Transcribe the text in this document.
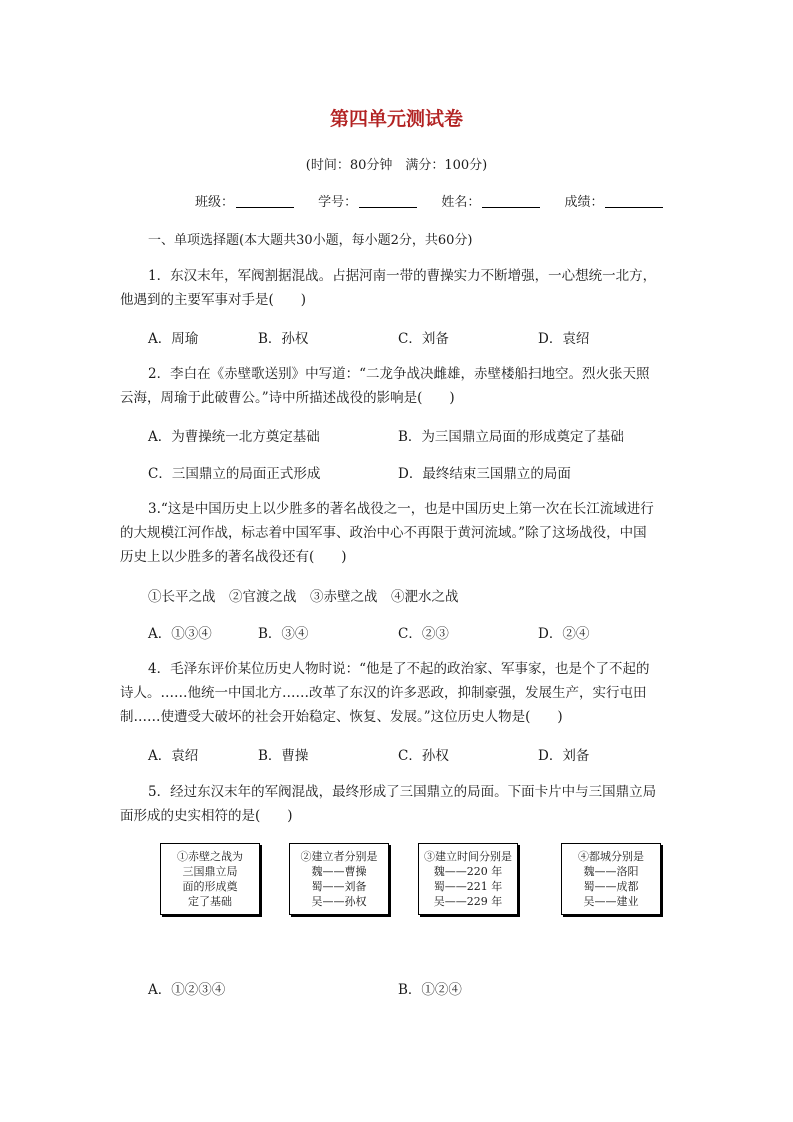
第四单元测试卷
(时间：80分钟　满分：100分)
班级：	学号：	姓名：	成绩：
一、单项选择题(本大题共30小题，每小题2分，共60分)
1．东汉末年，军阀割据混战。占据河南一带的曹操实力不断增强，一心想统一北方，
他遇到的主要军事对手是(　　)
A．周瑜	B．孙权	C．刘备	D．袁绍
2．李白在《赤壁歌送别》中写道：“二龙争战决雌雄，赤壁楼船扫地空。烈火张天照
云海，周瑜于此破曹公。”诗中所描述战役的影响是(　　)
A．为曹操统一北方奠定基础	B．为三国鼎立局面的形成奠定了基础
C．三国鼎立的局面正式形成	D．最终结束三国鼎立的局面
3.“这是中国历史上以少胜多的著名战役之一，也是中国历史上第一次在长江流域进行
的大规模江河作战，标志着中国军事、政治中心不再限于黄河流域。”除了这场战役，中国
历史上以少胜多的著名战役还有(　　)
①长平之战　②官渡之战　③赤壁之战　④淝水之战
A．①③④	B．③④	C．②③	D．②④
4．毛泽东评价某位历史人物时说：“他是了不起的政治家、军事家，也是个了不起的
诗人。……他统一中国北方……改革了东汉的许多恶政，抑制豪强，发展生产，实行屯田
制……使遭受大破坏的社会开始稳定、恢复、发展。”这位历史人物是(　　)
A．袁绍	B．曹操	C．孙权	D．刘备
5．经过东汉末年的军阀混战，最终形成了三国鼎立的局面。下面卡片中与三国鼎立局
面形成的史实相符的是(　　)
①赤壁之战为
三国鼎立局
面的形成奠
定了基础
②建立者分别是
魏——曹操
蜀——刘备
吴——孙权
③建立时间分别是
魏——220 年
蜀——221 年
吴——229 年
④都城分别是
魏——洛阳
蜀——成都
吴——建业
A．①②③④	B．①②④
